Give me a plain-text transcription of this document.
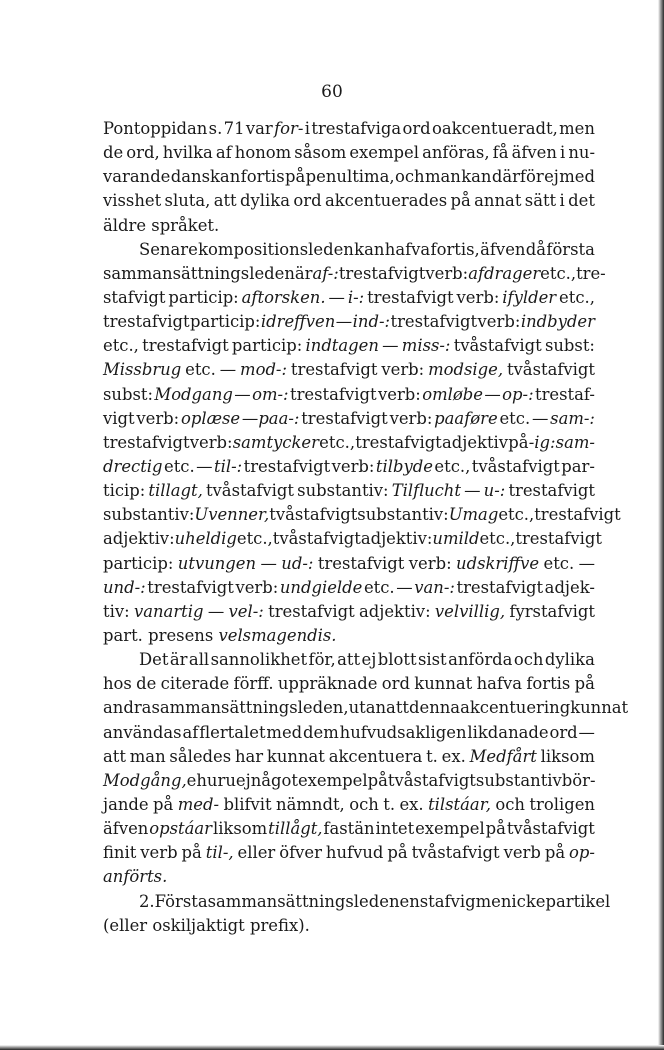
60
Pontoppidan s. 71 var for- i trestafviga ord oakcentueradt, men
de ord, hvilka af honom såsom exempel anföras, få äfven i nu-
varande danskan fortis på penultima, och man kan därför ej med
visshet sluta, att dylika ord akcentuerades på annat sätt i det
äldre språket.
Senare kompositionsleden kan hafva fortis, äfven då första
sammansättningsleden är af-: trestafvigt verb: afdrager etc., tre-
stafvigt particip: aftorsken. — i-: trestafvigt verb: ifylder etc.,
trestafvigt particip: idreffven — ind-: trestafvigt verb: indbyder
etc., trestafvigt particip: indtagen — miss-: tvåstafvigt subst:
Missbrug etc. — mod-: trestafvigt verb: modsige, tvåstafvigt
subst: Modgang — om-: trestafvigt verb: omløbe — op-: trestaf-
vigt verb: oplæse —paa-: trestafvigt verb: paaføre etc. — sam-:
trestafvigt verb: samtycker etc., trestafvigt adjektiv på -ig: sam-
drectig etc. — til-: trestafvigt verb: tilbyde etc., tvåstafvigt par-
ticip: tillagt, tvåstafvigt substantiv: Tilflucht — u-: trestafvigt
substantiv: Uvenner, tvåstafvigt substantiv: Umag etc., trestafvigt
adjektiv: uheldig etc., tvåstafvigt adjektiv: umild etc., trestafvigt
particip: utvungen — ud-: trestafvigt verb: udskriffve etc. —
und-: trestafvigt verb: undgielde etc. — van-: trestafvigt adjek-
tiv: vanartig — vel-: trestafvigt adjektiv: velvillig, fyrstafvigt
part. presens velsmagendis.
Det är all sannolikhet för, att ej blott sist anförda och dylika
hos de citerade förff. uppräknade ord kunnat hafva fortis på
andra sammansättningsleden, utan att denna akcentuering kunnat
användas af flertalet med dem hufvudsakligen likdanade ord —
att man således har kunnat akcentuera t. ex. Medfårt liksom
Modgång, ehuru ej något exempel på tvåstafvigt substantiv bör-
jande på med- blifvit nämndt, och t. ex. tilstáar, och troligen
äfven opstáar liksom tillågt, fastän intet exempel på tvåstafvigt
finit verb på til-, eller öfver hufvud på tvåstafvigt verb på op-
anförts.
2. Första sammansättningsleden enstafvig men icke partikel
(eller oskiljaktigt prefix).
